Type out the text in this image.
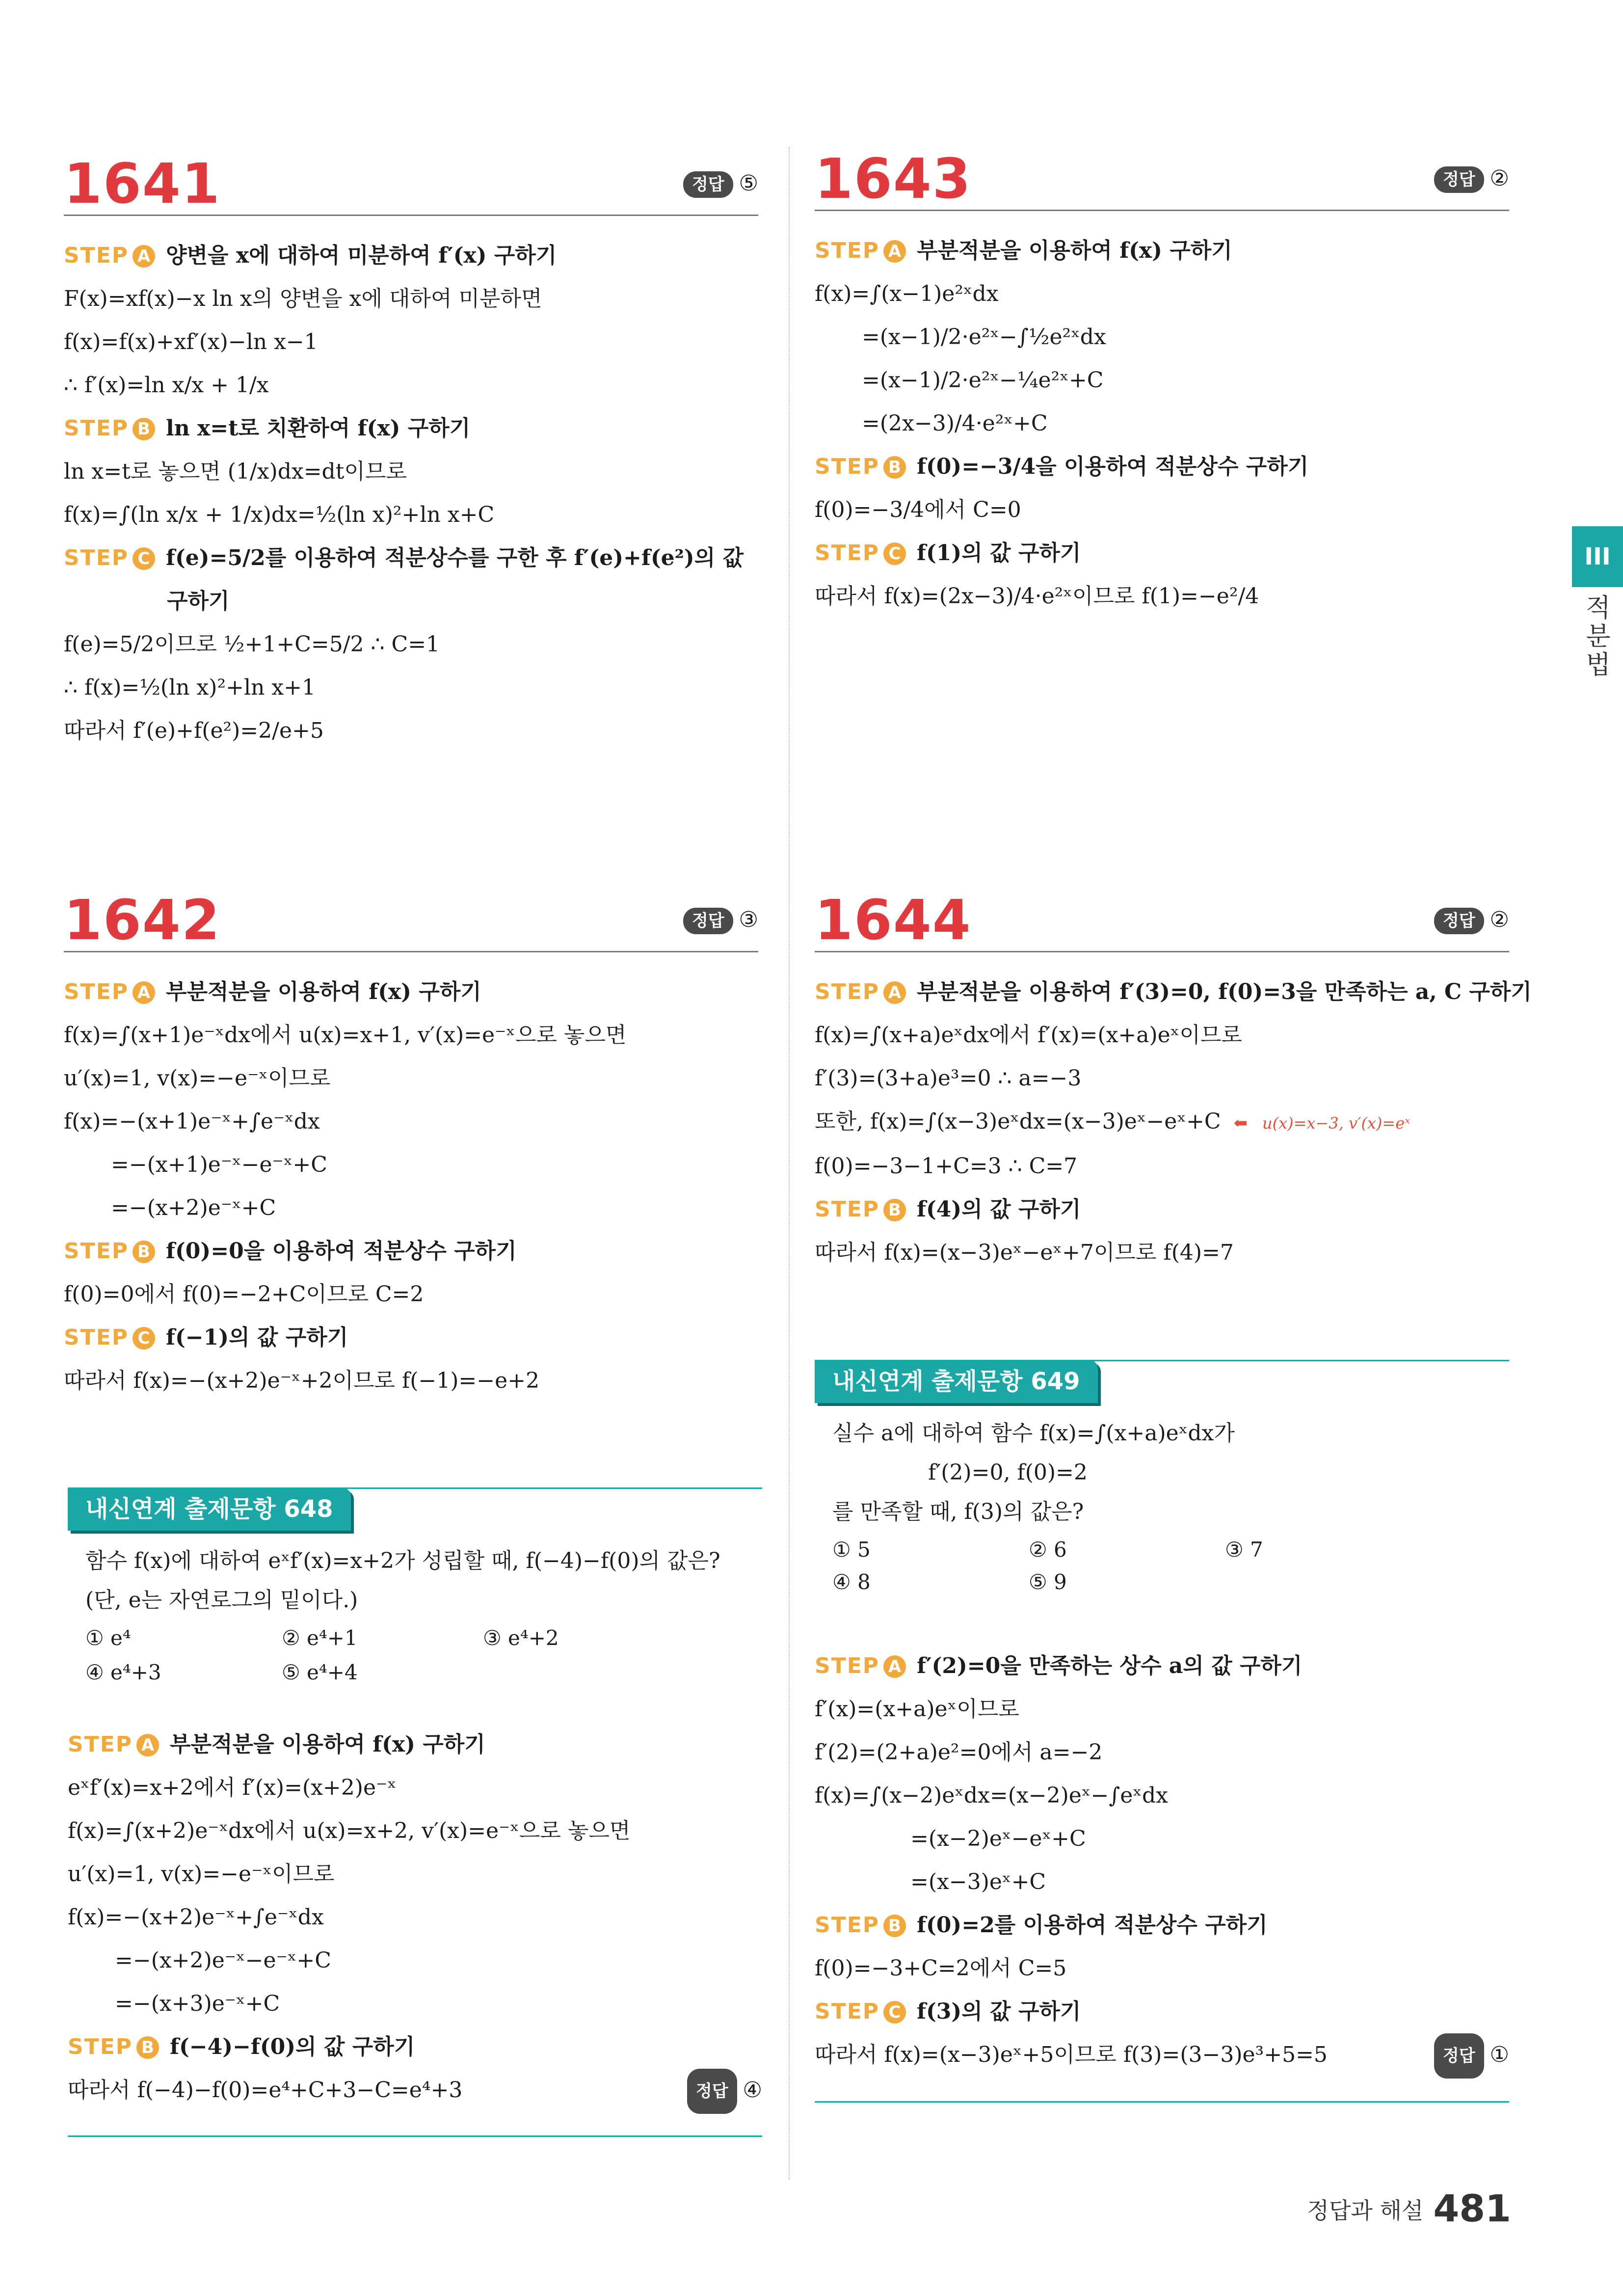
1641	정답 ⑤
STEP A 양변을 x에 대하여 미분하여 f′(x) 구하기
F(x)=xf(x)−x ln x의 양변을 x에 대하여 미분하면
f(x)=f(x)+xf′(x)−ln x−1
∴ f′(x)=ln x/x + 1/x
STEP B ln x=t로 치환하여 f(x) 구하기
ln x=t로 놓으면 (1/x)dx=dt이므로
f(x)=∫(ln x/x + 1/x)dx=½(ln x)²+ln x+C
STEP C f(e)=5/2를 이용하여 적분상수를 구한 후 f′(e)+f(e²)의 값
구하기
f(e)=5/2이므로 ½+1+C=5/2 ∴ C=1
∴ f(x)=½(ln x)²+ln x+1
따라서 f′(e)+f(e²)=2/e+5
1642	정답 ③
STEP A 부분적분을 이용하여 f(x) 구하기
f(x)=∫(x+1)e⁻ˣdx에서 u(x)=x+1, v′(x)=e⁻ˣ으로 놓으면
u′(x)=1, v(x)=−e⁻ˣ이므로
f(x)=−(x+1)e⁻ˣ+∫e⁻ˣdx
=−(x+1)e⁻ˣ−e⁻ˣ+C
=−(x+2)e⁻ˣ+C
STEP B f(0)=0을 이용하여 적분상수 구하기
f(0)=0에서 f(0)=−2+C이므로 C=2
STEP C f(−1)의 값 구하기
따라서 f(x)=−(x+2)e⁻ˣ+2이므로 f(−1)=−e+2
내신연계 출제문항 648
함수 f(x)에 대하여 eˣf′(x)=x+2가 성립할 때, f(−4)−f(0)의 값은?
(단, e는 자연로그의 밑이다.)
① e⁴	② e⁴+1	③ e⁴+2
④ e⁴+3	⑤ e⁴+4
STEP A 부분적분을 이용하여 f(x) 구하기
eˣf′(x)=x+2에서 f′(x)=(x+2)e⁻ˣ
f(x)=∫(x+2)e⁻ˣdx에서 u(x)=x+2, v′(x)=e⁻ˣ으로 놓으면
u′(x)=1, v(x)=−e⁻ˣ이므로
f(x)=−(x+2)e⁻ˣ+∫e⁻ˣdx
=−(x+2)e⁻ˣ−e⁻ˣ+C
=−(x+3)e⁻ˣ+C
STEP B f(−4)−f(0)의 값 구하기
따라서 f(−4)−f(0)=e⁴+C+3−C=e⁴+3	정답 ④
1643	정답 ②
STEP A 부분적분을 이용하여 f(x) 구하기
f(x)=∫(x−1)e²ˣdx
=(x−1)/2·e²ˣ−∫½e²ˣdx
=(x−1)/2·e²ˣ−¼e²ˣ+C
=(2x−3)/4·e²ˣ+C
STEP B f(0)=−3/4을 이용하여 적분상수 구하기
f(0)=−3/4에서 C=0
STEP C f(1)의 값 구하기
따라서 f(x)=(2x−3)/4·e²ˣ이므로 f(1)=−e²/4
1644	정답 ②
STEP A 부분적분을 이용하여 f′(3)=0, f(0)=3을 만족하는 a, C 구하기
f(x)=∫(x+a)eˣdx에서 f′(x)=(x+a)eˣ이므로
f′(3)=(3+a)e³=0 ∴ a=−3
또한, f(x)=∫(x−3)eˣdx=(x−3)eˣ−eˣ+C ⬅ u(x)=x−3, v′(x)=eˣ
f(0)=−3−1+C=3 ∴ C=7
STEP B f(4)의 값 구하기
따라서 f(x)=(x−3)eˣ−eˣ+7이므로 f(4)=7
내신연계 출제문항 649
실수 a에 대하여 함수 f(x)=∫(x+a)eˣdx가
f′(2)=0, f(0)=2
를 만족할 때, f(3)의 값은?
① 5	② 6	③ 7
④ 8	⑤ 9
STEP A f′(2)=0을 만족하는 상수 a의 값 구하기
f′(x)=(x+a)eˣ이므로
f′(2)=(2+a)e²=0에서 a=−2
f(x)=∫(x−2)eˣdx=(x−2)eˣ−∫eˣdx
=(x−2)eˣ−eˣ+C
=(x−3)eˣ+C
STEP B f(0)=2를 이용하여 적분상수 구하기
f(0)=−3+C=2에서 C=5
STEP C f(3)의 값 구하기
따라서 f(x)=(x−3)eˣ+5이므로 f(3)=(3−3)e³+5=5	정답 ①
III
적분법
정답과 해설 481
